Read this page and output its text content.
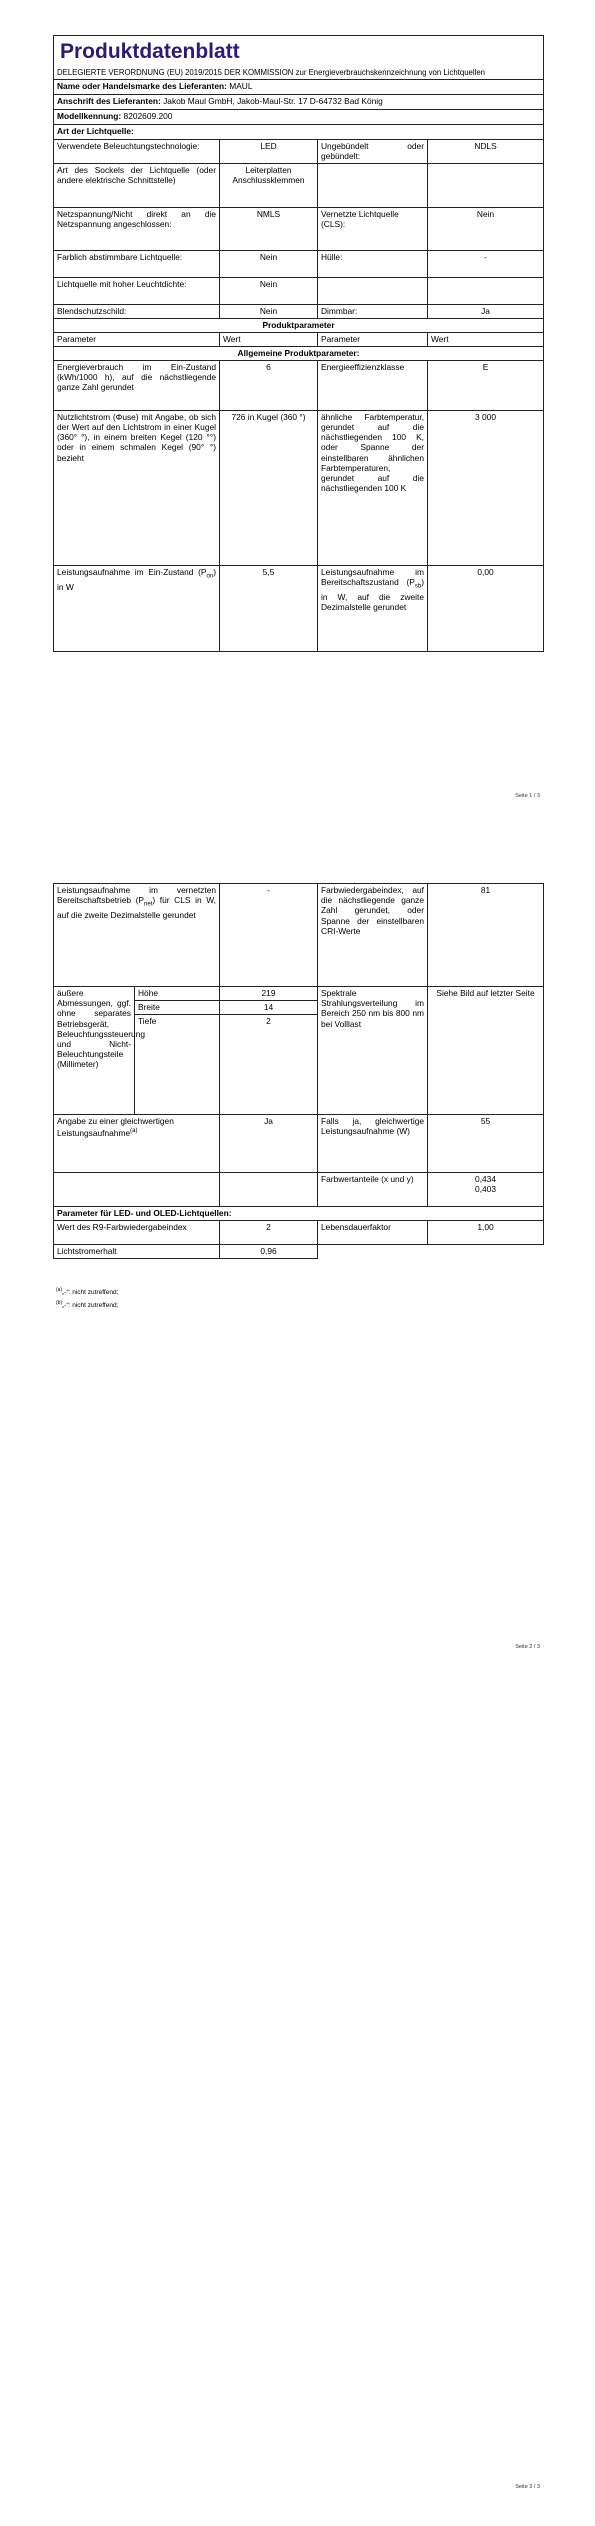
Produktdatenblatt
DELEGIERTE VERORDNUNG (EU) 2019/2015 DER KOMMISSION zur Energieverbrauchskennzeichnung von Lichtquellen			

Name oder Handelsmarke des Lieferanten: MAUL			
Anschrift des Lieferanten: Jakob Maul GmbH, Jakob-Maul-Str. 17 D-64732 Bad König			
Modellkennung: 8202609.200			
Art der Lichtquelle:			
Verwendete Beleuchtungstechnologie:	LED	Ungebündelt oder gebündelt:	NDLS
Art des Sockels der Lichtquelle (oder andere elektrische Schnittstelle)	Leiterplatten Anschlussklemmen		
Netzspannung/Nicht direkt an die Netzspannung angeschlossen:	NMLS	Vernetzte Lichtquelle (CLS):	Nein
Farblich abstimmbare Lichtquelle:	Nein	Hülle:	-
Lichtquelle mit hoher Leuchtdichte:	Nein		
Blendschutzschild:	Nein	Dimmbar:	Ja
Produktparameter			
Parameter	Wert	Parameter	Wert
Allgemeine Produktparameter:			
Energieverbrauch im Ein-Zustand (kWh/1000 h), auf die nächstliegende ganze Zahl gerundet	6	Energieeffizienzklasse	E
Nutzlichtstrom (Φuse) mit Angabe, ob sich der Wert auf den Lichtstrom in einer Kugel (360° °), in einem breiten Kegel (120 °°) oder in einem schmalen Kegel (90° °) bezieht	726 in Kugel (360 °)	ähnliche Farbtemperatur, gerundet auf die nächstliegenden 100 K, oder Spanne der einstellbaren ähnlichen Farbtemperaturen, gerundet auf die nächstliegenden 100 K	3 000
Leistungsaufnahme im Ein-Zustand $(P_{on})$ in W	5,5	Leistungsaufnahme im Bereitschaftszustand $(P_{sb})$ in W, auf die zweite Dezimalstelle gerundet	0,00
Seite 1 / 3
Leistungsaufnahme im vernetzten Bereitschaftsbetrieb $(P_{net})$ für CLS in W, auf die zweite Dezimalstelle gerundet		-	Farbwiedergabeindex, auf die nächstliegende ganze Zahl gerundet, oder Spanne der einstellbaren CRI-Werte	81
äußere Abmessungen, ggf. ohne separates Betriebsgerät, Beleuchtungssteuerung und Nicht-Beleuchtungsteile (Millimeter)	Höhe	219	Spektrale Strahlungsverteilung im Bereich 250 nm bis 800 nm bei Volllast	Siehe Bild auf letzter Seite
	Breite	14		
	Tiefe	2		
Angabe zu einer gleichwertigen Leistungsaufnahme$^{(a)}$		Ja	Falls ja, gleichwertige Leistungsaufnahme (W)	55
			Farbwertanteile (x und y)	0,434
0,403

Parameter für LED- und OLED-Lichtquellen:				
Wert des R9-Farbwiedergabeindex		2	Lebensdauerfaktor	1,00
Lichtstromerhalt		0,96		
$^{(a)}$„-“: nicht zutreffend;
$^{(b)}$„-“: nicht zutreffend;
Seite 2 / 3
Seite 3 / 3
